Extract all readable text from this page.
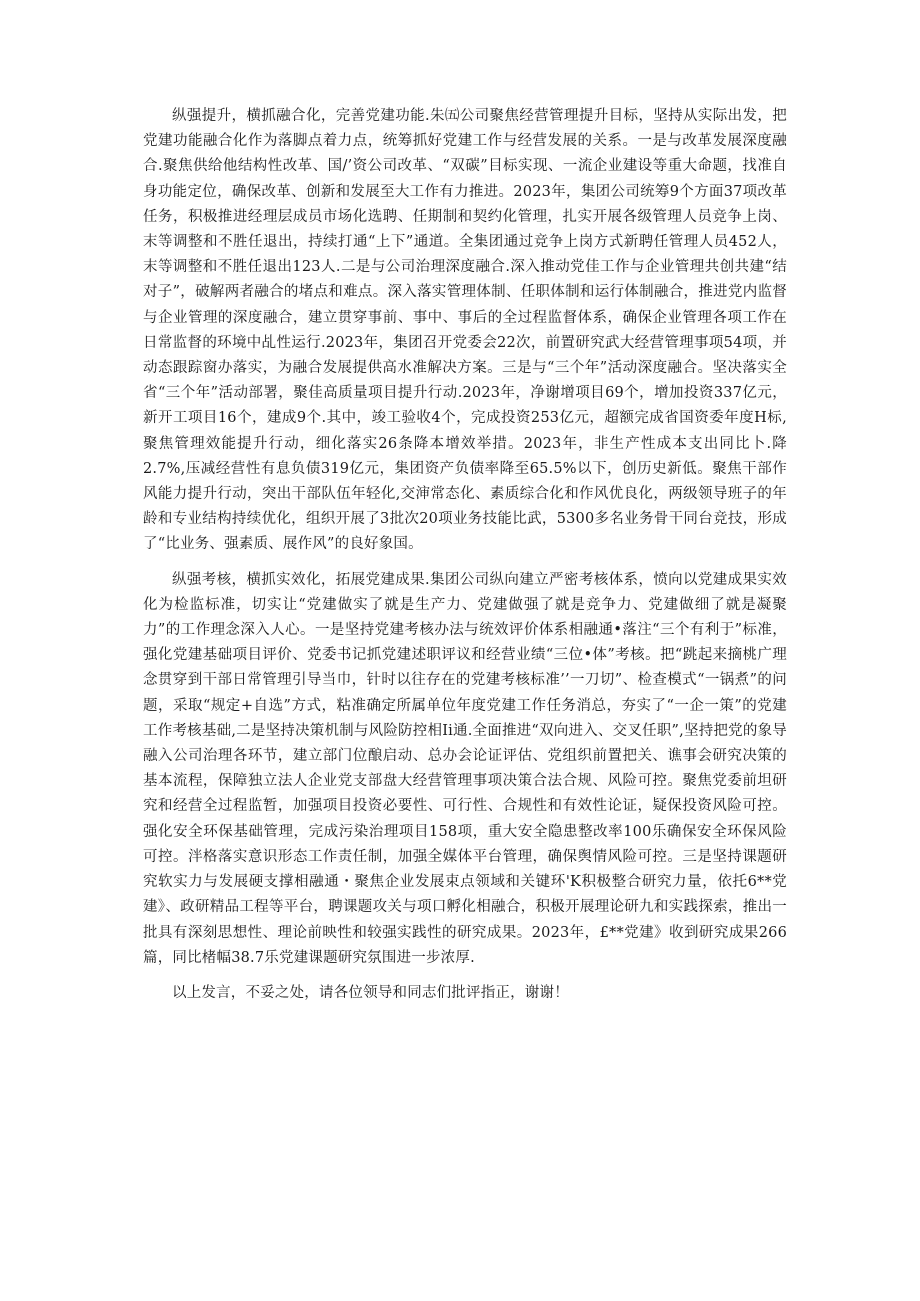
纵强提升，横抓融合化，完善党建功能.朱㈤公司聚焦经营管理提升目标，坚持从实际出发，把党建功能融合化作为落脚点着力点，统筹抓好党建工作与经营发展的关系。一是与改革发展深度融合.聚焦供给他结构性改革、国/’资公司改革、“双碳”目标实现、一流企业建设等重大命题，找准自身功能定位，确保改革、创新和发展至大工作有力推进。2023年，集团公司统筹9个方面37项改革任务，积极推进经理层成员市场化选聘、任期制和契约化管理，扎实开展各级管理人员竞争上岗、末等调整和不胜任退出，持续打通“上下”通道。全集团通过竞争上岗方式新聘任管理人员452人，末等调整和不胜任退出123人.二是与公司治理深度融合.深入推动党佳工作与企业管理共创共建“结对子”，破解两者融合的堵点和难点。深入落实管理体制、任职体制和运行体制融合，推进党内监督与企业管理的深度融合，建立贯穿事前、事中、事后的全过程监督体系，确保企业管理各项工作在日常监督的环境中乩性运行.2023年，集团召开党委会22次，前置研究武大经营管理事项54项，并动态跟踪窗办落实，为融合发展提供高水准解决方案。三是与“三个年”活动深度融合。坚决落实全省“三个年”活动部署，聚佳高质量项目提升行动.2023年，净谢增项目69个，增加投资337亿元，新开工项目16个，建成9个.其中，竣工验收4个，完成投资253亿元，超额完成省国资委年度H标,聚焦管理效能提升行动，细化落实26条降本增效举措。2023年，非生产性成本支出同比卜.降2.7%,压减经营性有息负债319亿元，集团资产负债率降至65.5%以下，创历史新低。聚焦干部作风能力提升行动，突出干部队伍年轻化,交渖常态化、素质综合化和作风优良化，两级领导班子的年龄和专业结构持续优化，组织开展了3批次20项业务技能比武，5300多名业务骨干同台竞技，形成了“比业务、强素质、展作风”的良好象国。

纵强考核，横抓实效化，拓展党建成果.集团公司纵向建立严密考核体系，愤向以党建成果实效化为检监标准，切实让“党建做实了就是生产力、党建做强了就是竞争力、党建做细了就是凝聚力”的工作理念深入人心。一是坚持党建考核办法与统效评价体系相融通•落注“三个有利于”标准，强化党建基础项目评价、党委书记抓党建述职评议和经营业绩“三位•体”考核。把“跳起来摘桃广理念贯穿到干部日常管理引导当巾，针时以往存在的党建考核标准’’一刀切”、检查模式“一锅煮”的问题，采取“规定+自选”方式，粘准确定所属单位年度党建工作任务消总，夯实了“一企一策”的党建工作考核基础,二是坚持决策机制与风险防控相Ii通.全面推进“双向进入、交叉任职”,坚持把党的象导融入公司治理各环节，建立部门位酿启动、总办会论证评估、党组织前置把关、谯事会研究决策的基本流程，保障独立法人企业党支部盘大经营管理事项决策合法合规、风险可控。聚焦党委前坦研究和经营全过程监暂，加强项目投资必要性、可行性、合规性和有效性论证，疑保投资风险可控。强化安全环保基础管理，完成污染治理项目158项，重大安全隐患整改率100乐确保安全环保风险可控。泮格落实意识形态工作责任制，加强全媒体平台管理，确保舆情风险可控。三是坚持课题研究软实力与发展硬支撑相融通・聚焦企业发展束点领域和关键环'K积极整合研究力量，依托6**党建》、政研精品工程等平台，聘课题攻关与项口孵化相融合，积极开展理论研九和实践探索，推出一批具有深刻思想性、理论前映性和较强实践性的研究成果。2023年，£**党建》收到研究成果266篇，同比楮幅38.7乐党建课题研究氛围进一步浓厚.

以上发言，不妥之处，请各位领导和同志们批评指正，谢谢！
